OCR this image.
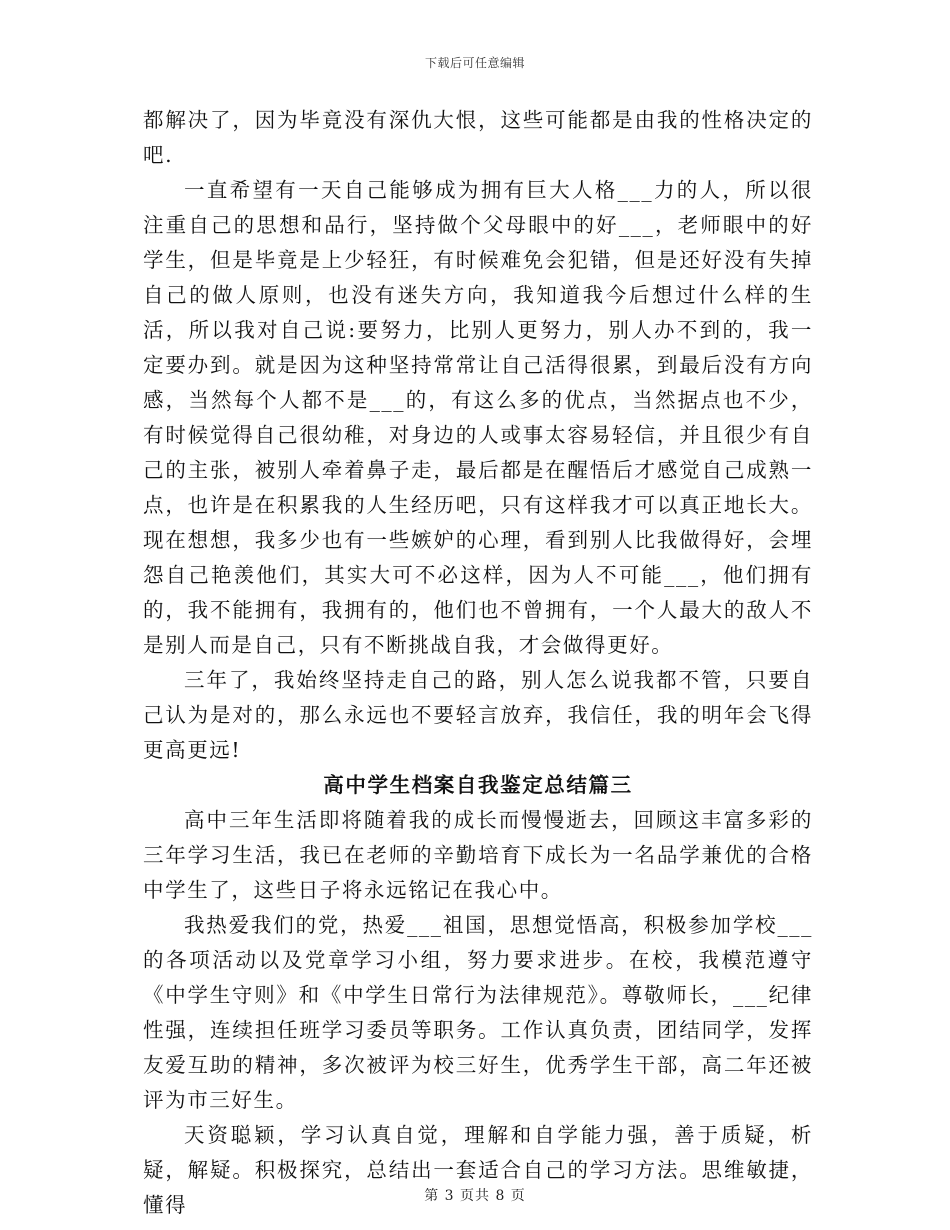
下载后可任意编辑

都解决了，因为毕竟没有深仇大恨，这些可能都是由我的性格决定的吧.

一直希望有一天自己能够成为拥有巨大人格___力的人，所以很注重自己的思想和品行，坚持做个父母眼中的好___，老师眼中的好学生，但是毕竟是上少轻狂，有时候难免会犯错，但是还好没有失掉自己的做人原则，也没有迷失方向，我知道我今后想过什么样的生活，所以我对自己说:要努力，比别人更努力，别人办不到的，我一定要办到。就是因为这种坚持常常让自己活得很累，到最后没有方向感，当然每个人都不是___的，有这么多的优点，当然据点也不少，有时候觉得自己很幼稚，对身边的人或事太容易轻信，并且很少有自己的主张，被别人牵着鼻子走，最后都是在醒悟后才感觉自己成熟一点，也许是在积累我的人生经历吧，只有这样我才可以真正地长大。现在想想，我多少也有一些嫉妒的心理，看到别人比我做得好，会埋怨自己艳羡他们，其实大可不必这样，因为人不可能___，他们拥有的，我不能拥有，我拥有的，他们也不曾拥有，一个人最大的敌人不是别人而是自己，只有不断挑战自我，才会做得更好。

三年了，我始终坚持走自己的路，别人怎么说我都不管，只要自己认为是对的，那么永远也不要轻言放弃，我信任，我的明年会飞得更高更远!

高中学生档案自我鉴定总结篇三

高中三年生活即将随着我的成长而慢慢逝去，回顾这丰富多彩的三年学习生活，我已在老师的辛勤培育下成长为一名品学兼优的合格中学生了，这些日子将永远铭记在我心中。

我热爱我们的党，热爱___祖国，思想觉悟高，积极参加学校___的各项活动以及党章学习小组，努力要求进步。在校，我模范遵守《中学生守则》和《中学生日常行为法律规范》。尊敬师长，___纪律性强，连续担任班学习委员等职务。工作认真负责，团结同学，发挥友爱互助的精神，多次被评为校三好生，优秀学生干部，高二年还被评为市三好生。

天资聪颖，学习认真自觉，理解和自学能力强，善于质疑，析疑，解疑。积极探究，总结出一套适合自己的学习方法。思维敏捷，懂得	第 3 页共 8 页
